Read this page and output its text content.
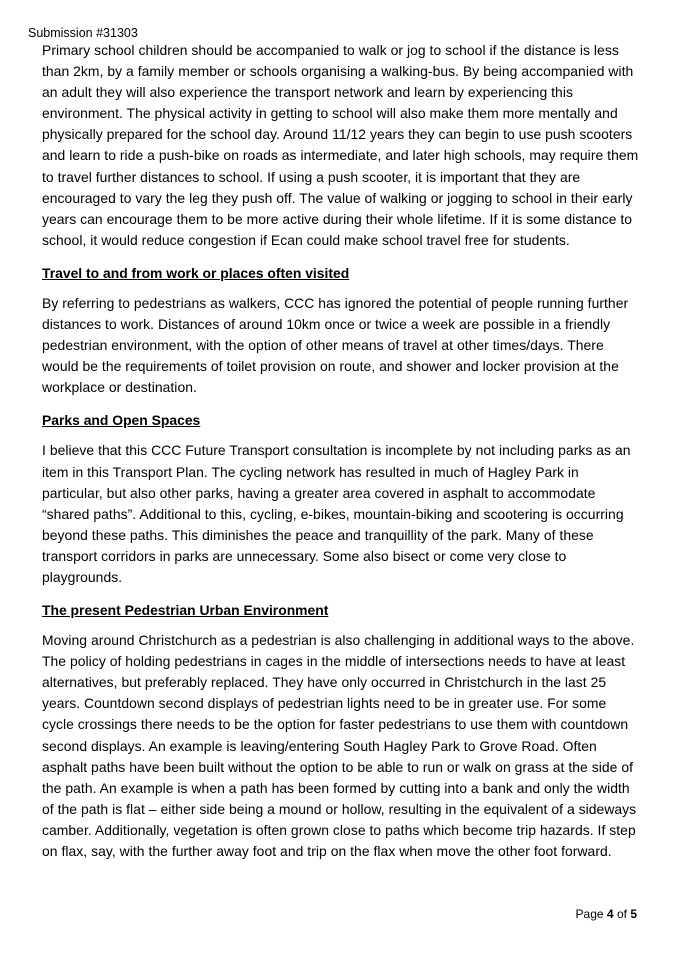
Submission #31303

Primary school children should be accompanied to walk or jog to school if the distance is less than 2km, by a family member or schools organising a walking-bus. By being accompanied with an adult they will also experience the transport network and learn by experiencing this environment. The physical activity in getting to school will also make them more mentally and physically prepared for the school day. Around 11/12 years they can begin to use push scooters and learn to ride a push-bike on roads as intermediate, and later high schools, may require them to travel further distances to school. If using a push scooter, it is important that they are encouraged to vary the leg they push off. The value of walking or jogging to school in their early years can encourage them to be more active during their whole lifetime. If it is some distance to school, it would reduce congestion if Ecan could make school travel free for students.

Travel to and from work or places often visited

By referring to pedestrians as walkers, CCC has ignored the potential of people running further distances to work. Distances of around 10km once or twice a week are possible in a friendly pedestrian environment, with the option of other means of travel at other times/days. There would be the requirements of toilet provision on route, and shower and locker provision at the workplace or destination.

Parks and Open Spaces

I believe that this CCC Future Transport consultation is incomplete by not including parks as an item in this Transport Plan. The cycling network has resulted in much of Hagley Park in particular, but also other parks, having a greater area covered in asphalt to accommodate “shared paths”. Additional to this, cycling, e-bikes, mountain-biking and scootering is occurring beyond these paths. This diminishes the peace and tranquillity of the park. Many of these transport corridors in parks are unnecessary. Some also bisect or come very close to playgrounds.

The present Pedestrian Urban Environment

Moving around Christchurch as a pedestrian is also challenging in additional ways to the above. The policy of holding pedestrians in cages in the middle of intersections needs to have at least alternatives, but preferably replaced. They have only occurred in Christchurch in the last 25 years. Countdown second displays of pedestrian lights need to be in greater use. For some cycle crossings there needs to be the option for faster pedestrians to use them with countdown second displays. An example is leaving/entering South Hagley Park to Grove Road. Often asphalt paths have been built without the option to be able to run or walk on grass at the side of the path. An example is when a path has been formed by cutting into a bank and only the width of the path is flat – either side being a mound or hollow, resulting in the equivalent of a sideways camber. Additionally, vegetation is often grown close to paths which become trip hazards. If step on flax, say, with the further away foot and trip on the flax when move the other foot forward.

Page 4 of 5
